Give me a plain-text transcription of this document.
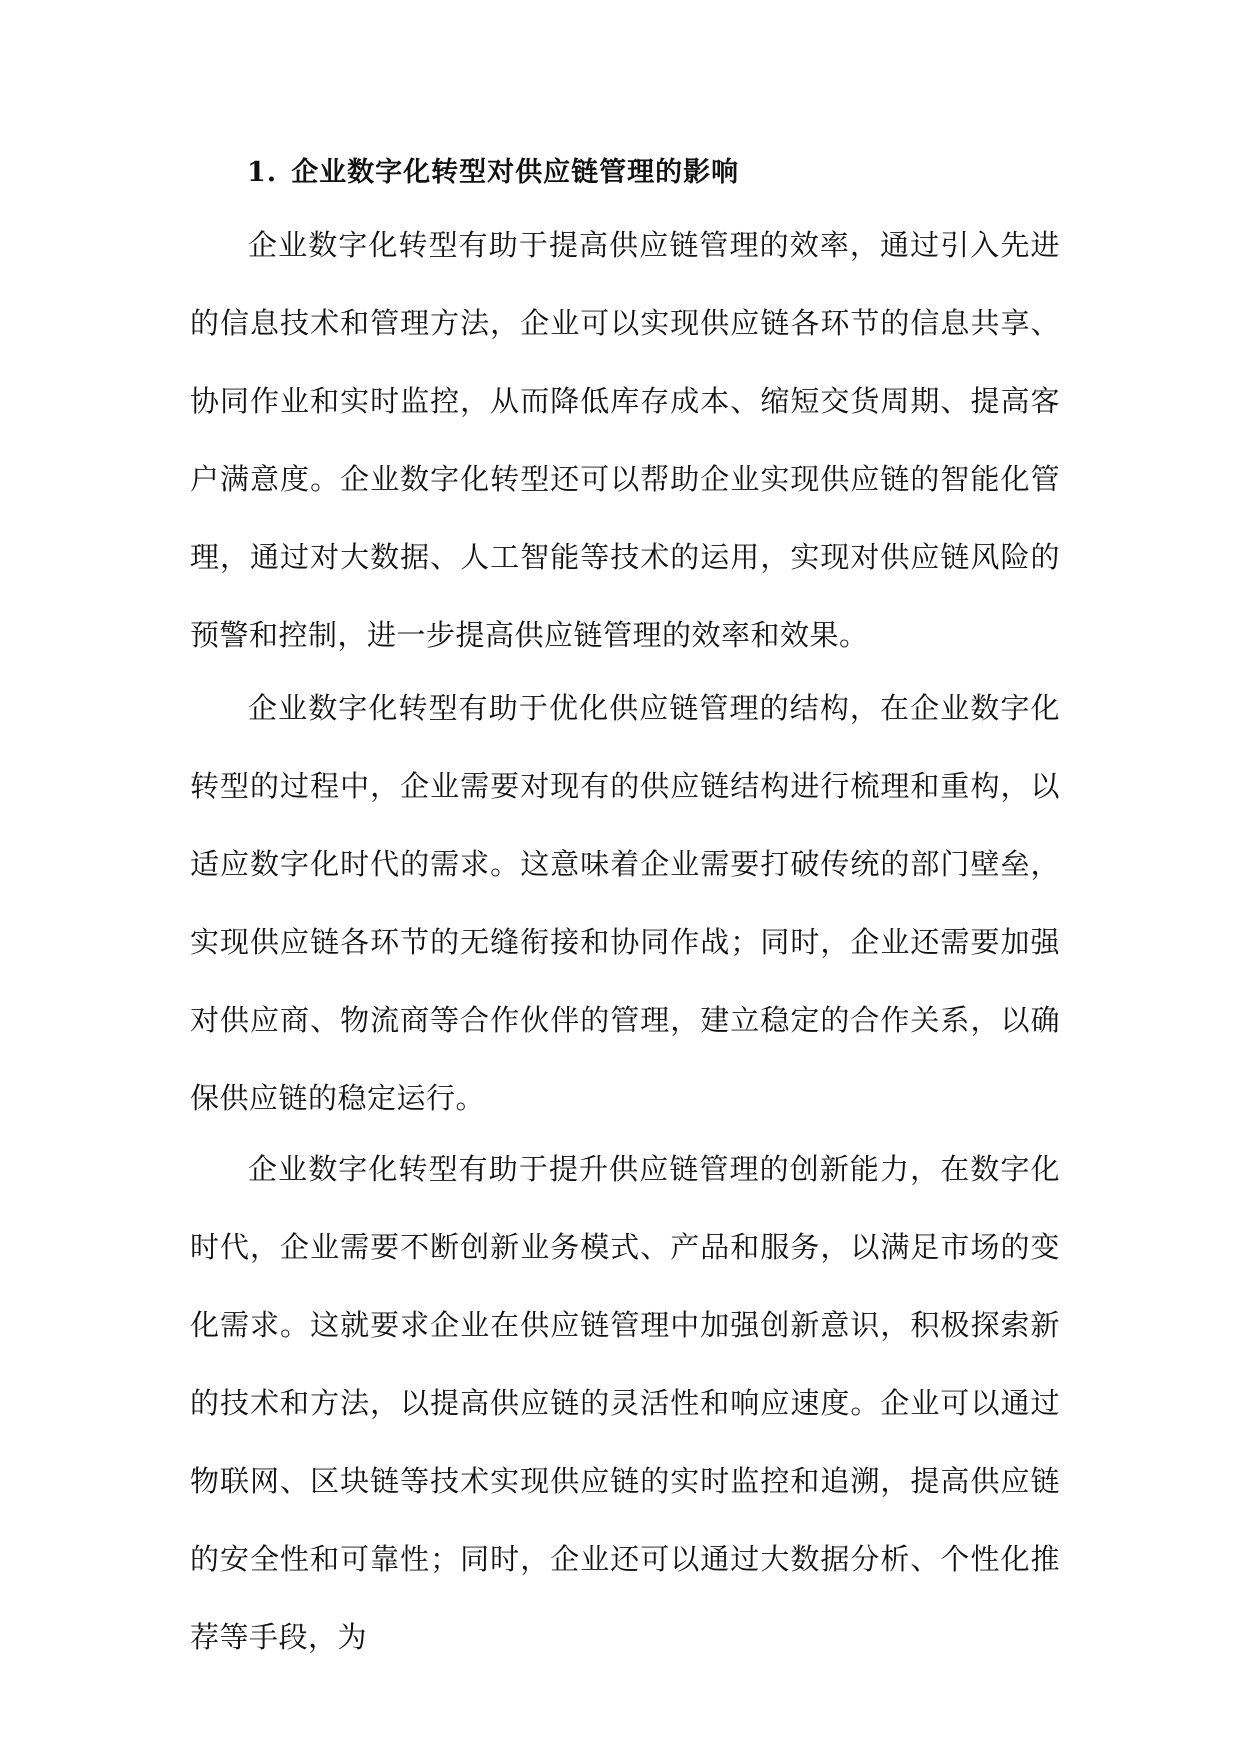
1. 企业数字化转型对供应链管理的影响

企业数字化转型有助于提高供应链管理的效率，通过引入先进的信息技术和管理方法，企业可以实现供应链各环节的信息共享、协同作业和实时监控，从而降低库存成本、缩短交货周期、提高客户满意度。企业数字化转型还可以帮助企业实现供应链的智能化管理，通过对大数据、人工智能等技术的运用，实现对供应链风险的预警和控制，进一步提高供应链管理的效率和效果。

企业数字化转型有助于优化供应链管理的结构，在企业数字化转型的过程中，企业需要对现有的供应链结构进行梳理和重构，以适应数字化时代的需求。这意味着企业需要打破传统的部门壁垒，实现供应链各环节的无缝衔接和协同作战；同时，企业还需要加强对供应商、物流商等合作伙伴的管理，建立稳定的合作关系，以确保供应链的稳定运行。

企业数字化转型有助于提升供应链管理的创新能力，在数字化时代，企业需要不断创新业务模式、产品和服务，以满足市场的变化需求。这就要求企业在供应链管理中加强创新意识，积极探索新的技术和方法，以提高供应链的灵活性和响应速度。企业可以通过物联网、区块链等技术实现供应链的实时监控和追溯，提高供应链的安全性和可靠性；同时，企业还可以通过大数据分析、个性化推荐等手段，为
